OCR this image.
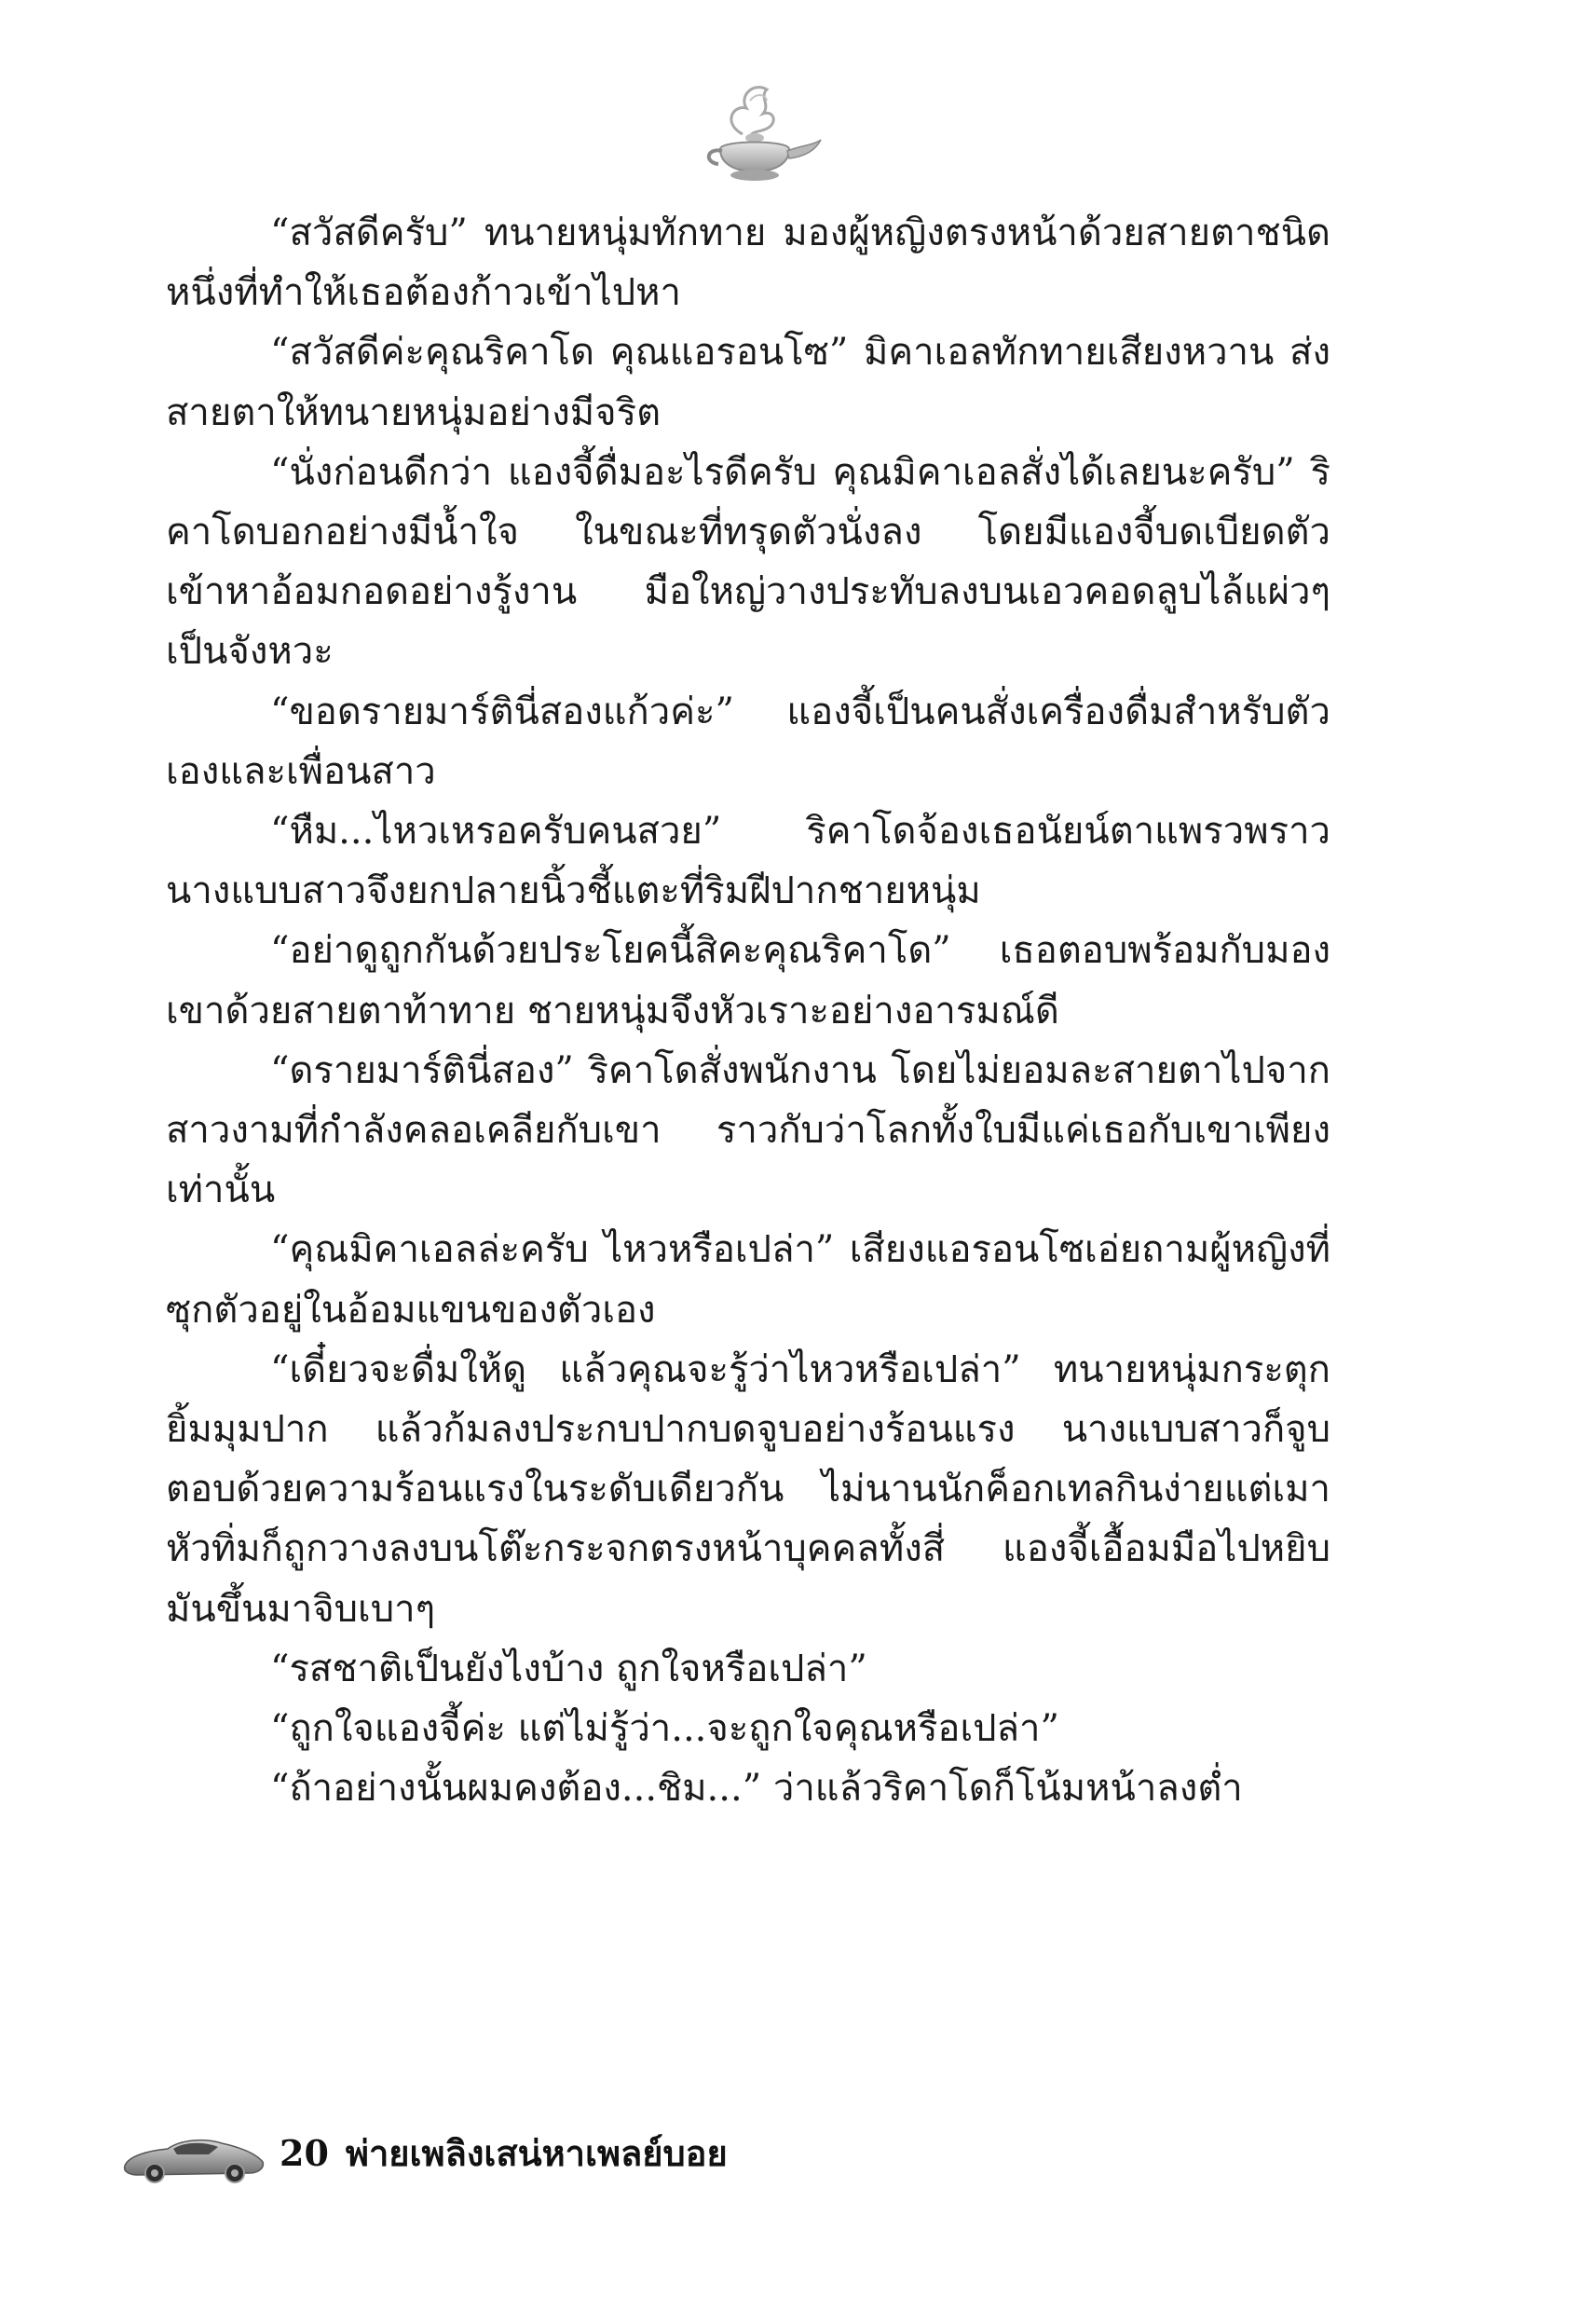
“สวัสดีครับ” ทนายหนุ่มทักทาย มองผู้หญิงตรงหน้าด้วยสายตาชนิดหนึ่งที่ทำให้เธอต้องก้าวเข้าไปหา

“สวัสดีค่ะคุณริคาโด คุณแอรอนโซ” มิคาเอลทักทายเสียงหวาน ส่งสายตาให้ทนายหนุ่มอย่างมีจริต

“นั่งก่อนดีกว่า แองจี้ดื่มอะไรดีครับ คุณมิคาเอลสั่งได้เลยนะครับ” ริคาโดบอกอย่างมีน้ำใจ ในขณะที่ทรุดตัวนั่งลง โดยมีแองจี้บดเบียดตัวเข้าหาอ้อมกอดอย่างรู้งาน มือใหญ่วางประทับลงบนเอวคอดลูบไล้แผ่วๆ เป็นจังหวะ

“ขอดรายมาร์ตินี่สองแก้วค่ะ” แองจี้เป็นคนสั่งเครื่องดื่มสำหรับตัวเองและเพื่อนสาว

“หืม...ไหวเหรอครับคนสวย” ริคาโดจ้องเธอนัยน์ตาแพรวพราว นางแบบสาวจึงยกปลายนิ้วชี้แตะที่ริมฝีปากชายหนุ่ม

“อย่าดูถูกกันด้วยประโยคนี้สิคะคุณริคาโด” เธอตอบพร้อมกับมองเขาด้วยสายตาท้าทาย ชายหนุ่มจึงหัวเราะอย่างอารมณ์ดี

“ดรายมาร์ตินี่สอง” ริคาโดสั่งพนักงาน โดยไม่ยอมละสายตาไปจากสาวงามที่กำลังคลอเคลียกับเขา ราวกับว่าโลกทั้งใบมีแค่เธอกับเขาเพียงเท่านั้น

“คุณมิคาเอลล่ะครับ ไหวหรือเปล่า” เสียงแอรอนโซเอ่ยถามผู้หญิงที่ซุกตัวอยู่ในอ้อมแขนของตัวเอง

“เดี๋ยวจะดื่มให้ดู แล้วคุณจะรู้ว่าไหวหรือเปล่า” ทนายหนุ่มกระตุกยิ้มมุมปาก แล้วก้มลงประกบปากบดจูบอย่างร้อนแรง นางแบบสาวก็จูบตอบด้วยความร้อนแรงในระดับเดียวกัน ไม่นานนักค็อกเทลกินง่ายแต่เมาหัวทิ่มก็ถูกวางลงบนโต๊ะกระจกตรงหน้าบุคคลทั้งสี่ แองจี้เอื้อมมือไปหยิบมันขึ้นมาจิบเบาๆ

“รสชาติเป็นยังไงบ้าง ถูกใจหรือเปล่า”

“ถูกใจแองจี้ค่ะ แต่ไม่รู้ว่า...จะถูกใจคุณหรือเปล่า”

“ถ้าอย่างนั้นผมคงต้อง...ชิม...” ว่าแล้วริคาโดก็โน้มหน้าลงต่ำ

20 พ่ายเพลิงเสน่หาเพลย์บอย
